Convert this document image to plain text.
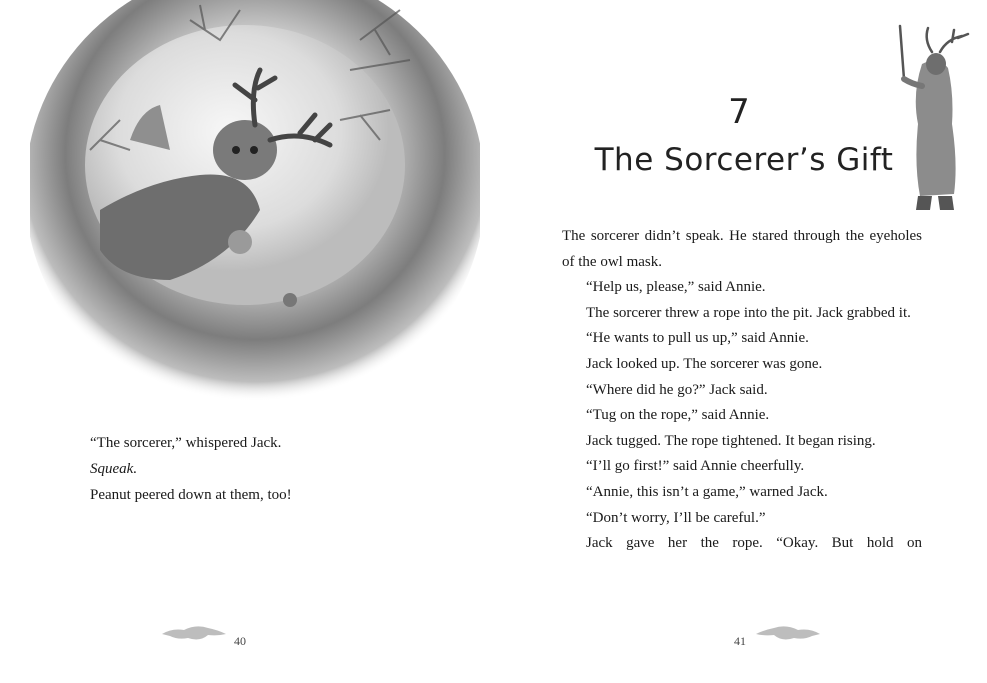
“The sorcerer,” whispered Jack.

Squeak.

Peanut peered down at them, too!

40
7
The Sorcerer’s Gift

The sorcerer didn’t speak. He stared through the eyeholes of the owl mask.

“Help us, please,” said Annie.

The sorcerer threw a rope into the pit. Jack grabbed it.

“He wants to pull us up,” said Annie.

Jack looked up. The sorcerer was gone.

“Where did he go?” Jack said.

“Tug on the rope,” said Annie.

Jack tugged. The rope tightened. It began rising.

“I’ll go first!” said Annie cheerfully.

“Annie, this isn’t a game,” warned Jack.

“Don’t worry, I’ll be careful.”

Jack gave her the rope. “Okay. But hold on

41
